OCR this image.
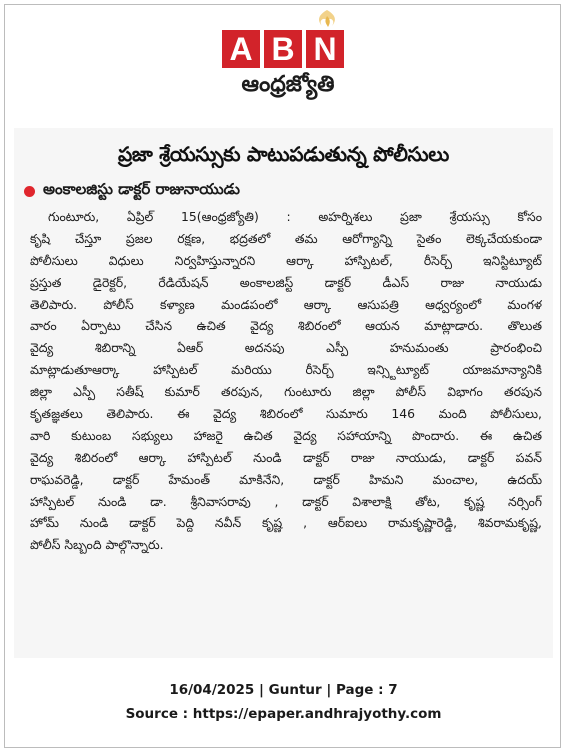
A B N
ఆంధ్రజ్యోతి
ప్రజా శ్రేయస్సుకు పాటుపడుతున్న పోలీసులు
అంకాలజిస్టు డాక్టర్ రాజునాయుడు
గుంటూరు, ఏప్రిల్ 15(ఆంధ్రజ్యోతి) : అహర్నిశలు ప్రజా శ్రేయస్సు కోసం
కృషి చేస్తూ ప్రజల రక్షణ, భద్రతలో తమ ఆరోగ్యాన్ని సైతం లెక్కచేయకుండా
పోలీసులు విధులు నిర్వహిస్తున్నారని ఆర్కా హాస్పిటల్, రీసెర్చ్ ఇనిస్టిట్యూట్
ప్రస్తుత డైరెక్టర్, రేడియేషన్ అంకాలజిస్ట్ డాక్టర్ డీఎస్ రాజు నాయుడు
తెలిపారు. పోలీస్ కళ్యాణ మండపంలో ఆర్కా ఆసుపత్రి ఆధ్వర్యంలో మంగళ
వారం ఏర్పాటు చేసిన ఉచిత వైద్య శిబిరంలో ఆయన మాట్లాడారు. తొలుత
వైద్య శిబిరాన్ని ఏఆర్ అదనపు ఎస్పీ హనుమంతు ప్రారంభించి
మాట్లాడుతూఆర్కా హాస్పిటల్ మరియు రీసెర్చ్ ఇన్స్టిట్యూట్ యాజమాన్యానికి
జిల్లా ఎస్పీ సతీష్ కుమార్ తరపున, గుంటూరు జిల్లా పోలీస్ విభాగం తరపున
కృతజ్ఞతలు తెలిపారు. ఈ వైద్య శిబిరంలో సుమారు 146 మంది పోలీసులు,
వారి కుటుంబ సభ్యులు హాజరై ఉచిత వైద్య సహాయాన్ని పొందారు. ఈ ఉచిత
వైద్య శిబిరంలో ఆర్కా హాస్పిటల్ నుండి డాక్టర్ రాజు నాయుడు, డాక్టర్ పవన్
రాఘవరెడ్డి, డాక్టర్ హేమంత్ మాకినేని, డాక్టర్ హిమని మంచాల, ఉదయ్
హాస్పిటల్ నుండి డా. శ్రీనివాసరావు , డాక్టర్ విశాలాక్షి తోట, కృష్ణ నర్సింగ్
హోమ్ నుండి డాక్టర్ పెద్ది నవీన్ కృష్ణ , ఆర్ఐలు రామకృష్ణారెడ్డి, శివరామకృష్ణ,
పోలీస్ సిబ్బంది పాల్గొన్నారు.
16/04/2025 | Guntur | Page : 7
Source : https://epaper.andhrajyothy.com
